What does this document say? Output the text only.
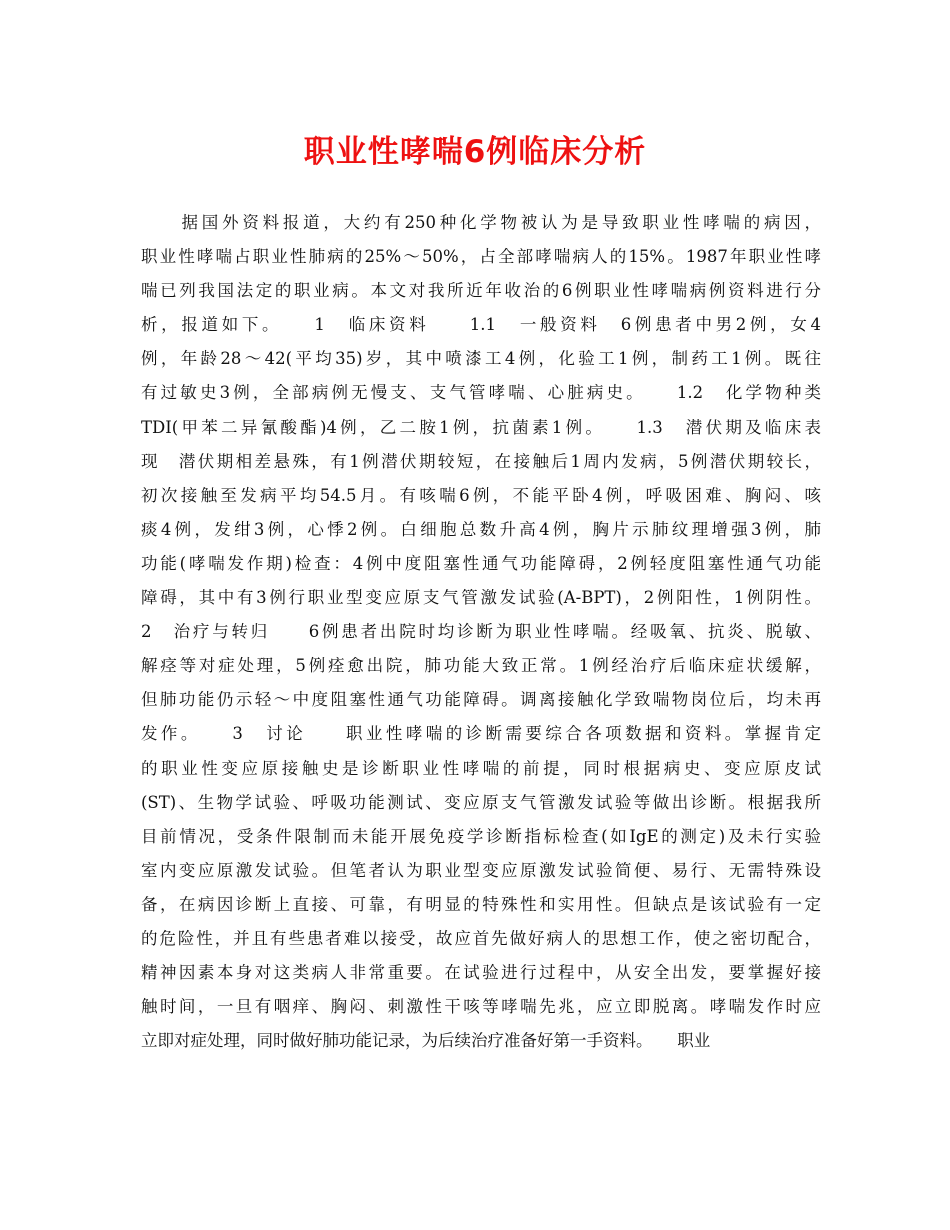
职业性哮喘6例临床分析
　　据国外资料报道，大约有250种化学物被认为是导致职业性哮喘的病因，
职业性哮喘占职业性肺病的25%～50%，占全部哮喘病人的15%。1987年职业性哮
喘已列我国法定的职业病。本文对我所近年收治的6例职业性哮喘病例资料进行分
析，报道如下。　　1　临床资料　　1.1　一般资料　6例患者中男2例，女4
例，年龄28～42(平均35)岁，其中喷漆工4例，化验工1例，制药工1例。既往
有过敏史3例，全部病例无慢支、支气管哮喘、心脏病史。　　1.2　化学物种类
TDI(甲苯二异氰酸酯)4例，乙二胺1例，抗菌素1例。　　1.3　潜伏期及临床表
现　潜伏期相差悬殊，有1例潜伏期较短，在接触后1周内发病，5例潜伏期较长，
初次接触至发病平均54.5月。有咳喘6例，不能平卧4例，呼吸困难、胸闷、咳
痰4例，发绀3例，心悸2例。白细胞总数升高4例，胸片示肺纹理增强3例，肺
功能(哮喘发作期)检查：4例中度阻塞性通气功能障碍，2例轻度阻塞性通气功能
障碍，其中有3例行职业型变应原支气管激发试验(A-BPT)，2例阳性，1例阴性。
2　治疗与转归　　6例患者出院时均诊断为职业性哮喘。经吸氧、抗炎、脱敏、
解痉等对症处理，5例痊愈出院，肺功能大致正常。1例经治疗后临床症状缓解，
但肺功能仍示轻～中度阻塞性通气功能障碍。调离接触化学致喘物岗位后，均未再
发作。　　3　讨论　　职业性哮喘的诊断需要综合各项数据和资料。掌握肯定
的职业性变应原接触史是诊断职业性哮喘的前提，同时根据病史、变应原皮试
(ST)、生物学试验、呼吸功能测试、变应原支气管激发试验等做出诊断。根据我所
目前情况，受条件限制而未能开展免疫学诊断指标检查(如IgE的测定)及未行实验
室内变应原激发试验。但笔者认为职业型变应原激发试验简便、易行、无需特殊设
备，在病因诊断上直接、可靠，有明显的特殊性和实用性。但缺点是该试验有一定
的危险性，并且有些患者难以接受，故应首先做好病人的思想工作，使之密切配合，
精神因素本身对这类病人非常重要。在试验进行过程中，从安全出发，要掌握好接
触时间，一旦有咽痒、胸闷、刺激性干咳等哮喘先兆，应立即脱离。哮喘发作时应
立即对症处理，同时做好肺功能记录，为后续治疗准备好第一手资料。　　职业
